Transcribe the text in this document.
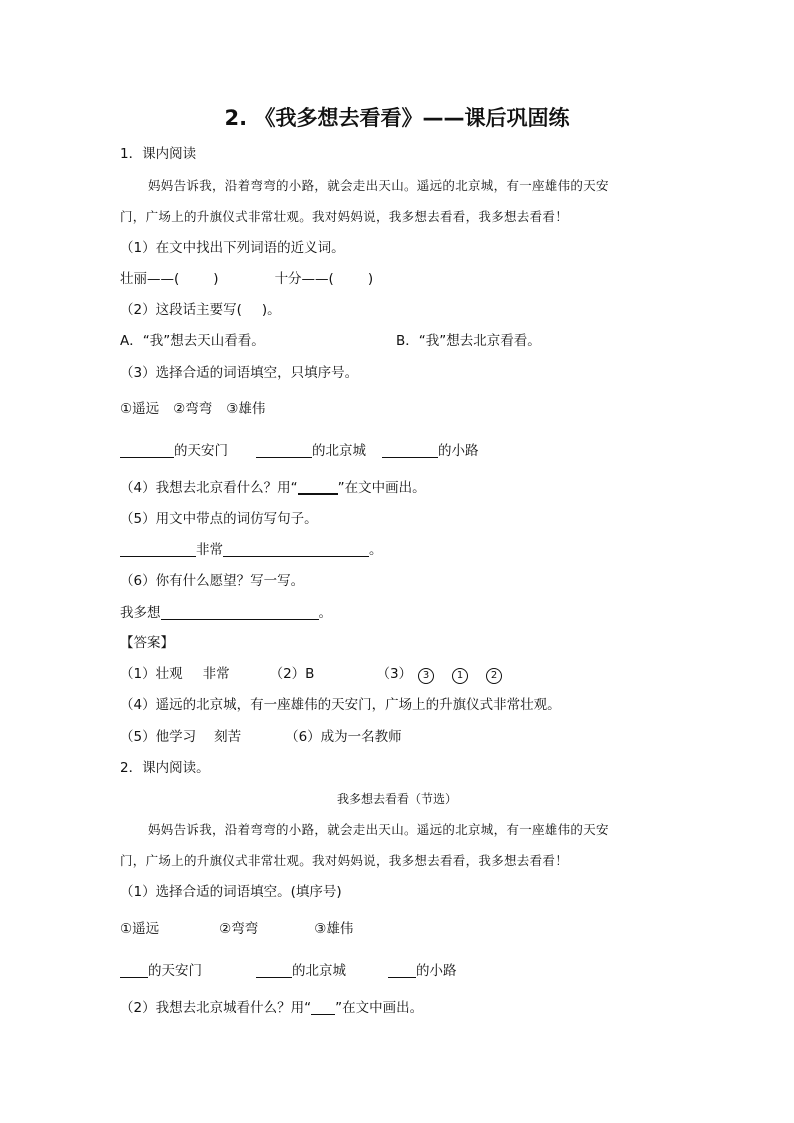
2. 《我多想去看看》——课后巩固练
1．课内阅读
妈妈告诉我，沿着弯弯的小路，就会走出天山。遥远的北京城，有一座雄伟的天安
门，广场上的升旗仪式非常壮观。我对妈妈说，我多想去看看，我多想去看看！
（1）在文中找出下列词语的近义词。
壮丽——(	)	十分——(	)
（2）这段话主要写( )。
A．“我”想去天山看看。	B．“我”想去北京看看。
（3）选择合适的词语填空，只填序号。
①遥远 ②弯弯 ③雄伟
的天安门	的北京城	的小路
（4）我想去北京看什么？用“	”在文中画出。
（5）用文中带点的词仿写句子。
非常	。
（6）你有什么愿望？写一写。
我多想	。
【答案】
（1）壮观 非常	（2）B	（3） 3	1	2
（4）遥远的北京城，有一座雄伟的天安门，广场上的升旗仪式非常壮观。
（5）他学习 刻苦	（6）成为一名教师
2．课内阅读。
我多想去看看（节选）
妈妈告诉我，沿着弯弯的小路，就会走出天山。遥远的北京城，有一座雄伟的天安
门，广场上的升旗仪式非常壮观。我对妈妈说，我多想去看看，我多想去看看！
（1）选择合适的词语填空。(填序号)
①遥远	②弯弯	③雄伟
的天安门	的北京城	的小路
（2）我想去北京城看什么？用“ ”在文中画出。
